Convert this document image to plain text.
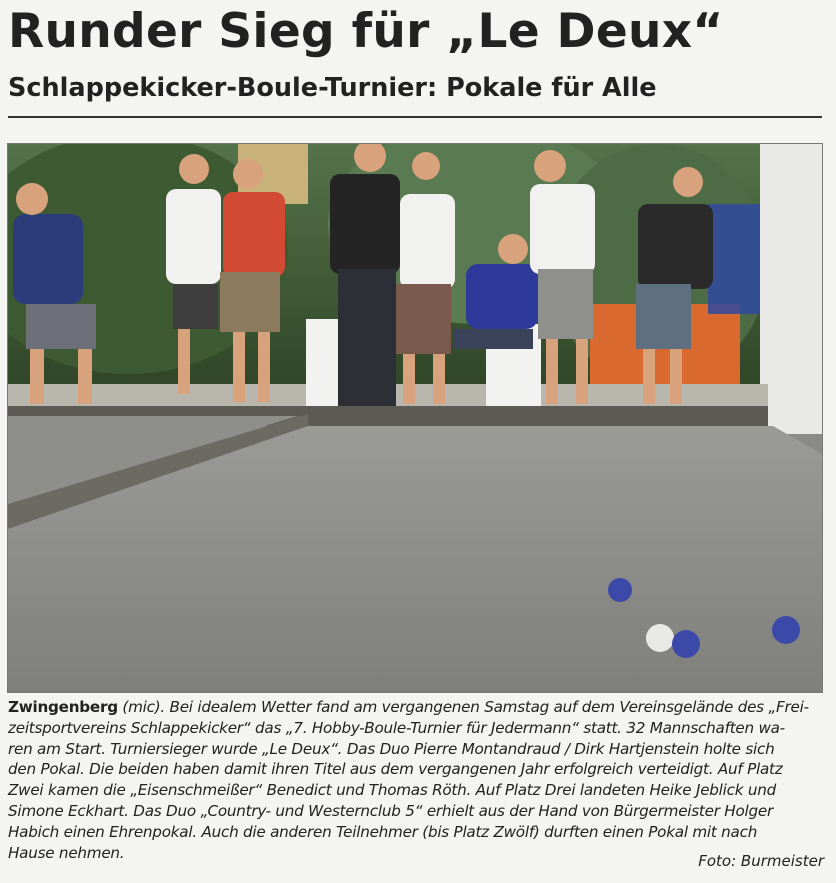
Runder Sieg für „Le Deux“
Schlappekicker-Boule-Turnier: Pokale für Alle

Zwingenberg (mic). Bei idealem Wetter fand am vergangenen Samstag auf dem Vereinsgelände des „Frei-

zeitsportvereins Schlappekicker“ das „7. Hobby-Boule-Turnier für Jedermann“ statt. 32 Mannschaften wa-

ren am Start. Turniersieger wurde „Le Deux“. Das Duo Pierre Montandraud / Dirk Hartjenstein holte sich

den Pokal. Die beiden haben damit ihren Titel aus dem vergangenen Jahr erfolgreich verteidigt. Auf Platz

Zwei kamen die „Eisenschmeißer“ Benedict und Thomas Röth. Auf Platz Drei landeten Heike Jeblick und

Simone Eckhart. Das Duo „Country- und Westernclub 5“ erhielt aus der Hand von Bürgermeister Holger

Habich einen Ehrenpokal. Auch die anderen Teilnehmer (bis Platz Zwölf) durften einen Pokal mit nach

Hause nehmen.	Foto: Burmeister
